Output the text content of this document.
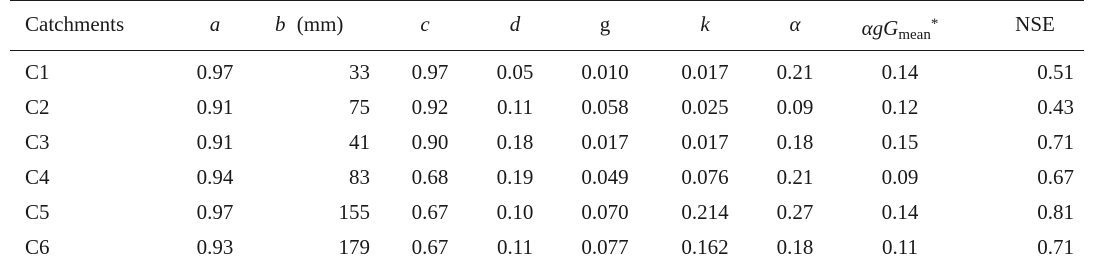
Catchments	a	b (mm)	c	d	g	k	α	αgG$_{mean}$*	NSE
C1	0.97	33	0.97	0.05	0.010	0.017	0.21	0.14	0.51
C2	0.91	75	0.92	0.11	0.058	0.025	0.09	0.12	0.43
C3	0.91	41	0.90	0.18	0.017	0.017	0.18	0.15	0.71
C4	0.94	83	0.68	0.19	0.049	0.076	0.21	0.09	0.67
C5	0.97	155	0.67	0.10	0.070	0.214	0.27	0.14	0.81
C6	0.93	179	0.67	0.11	0.077	0.162	0.18	0.11	0.71
